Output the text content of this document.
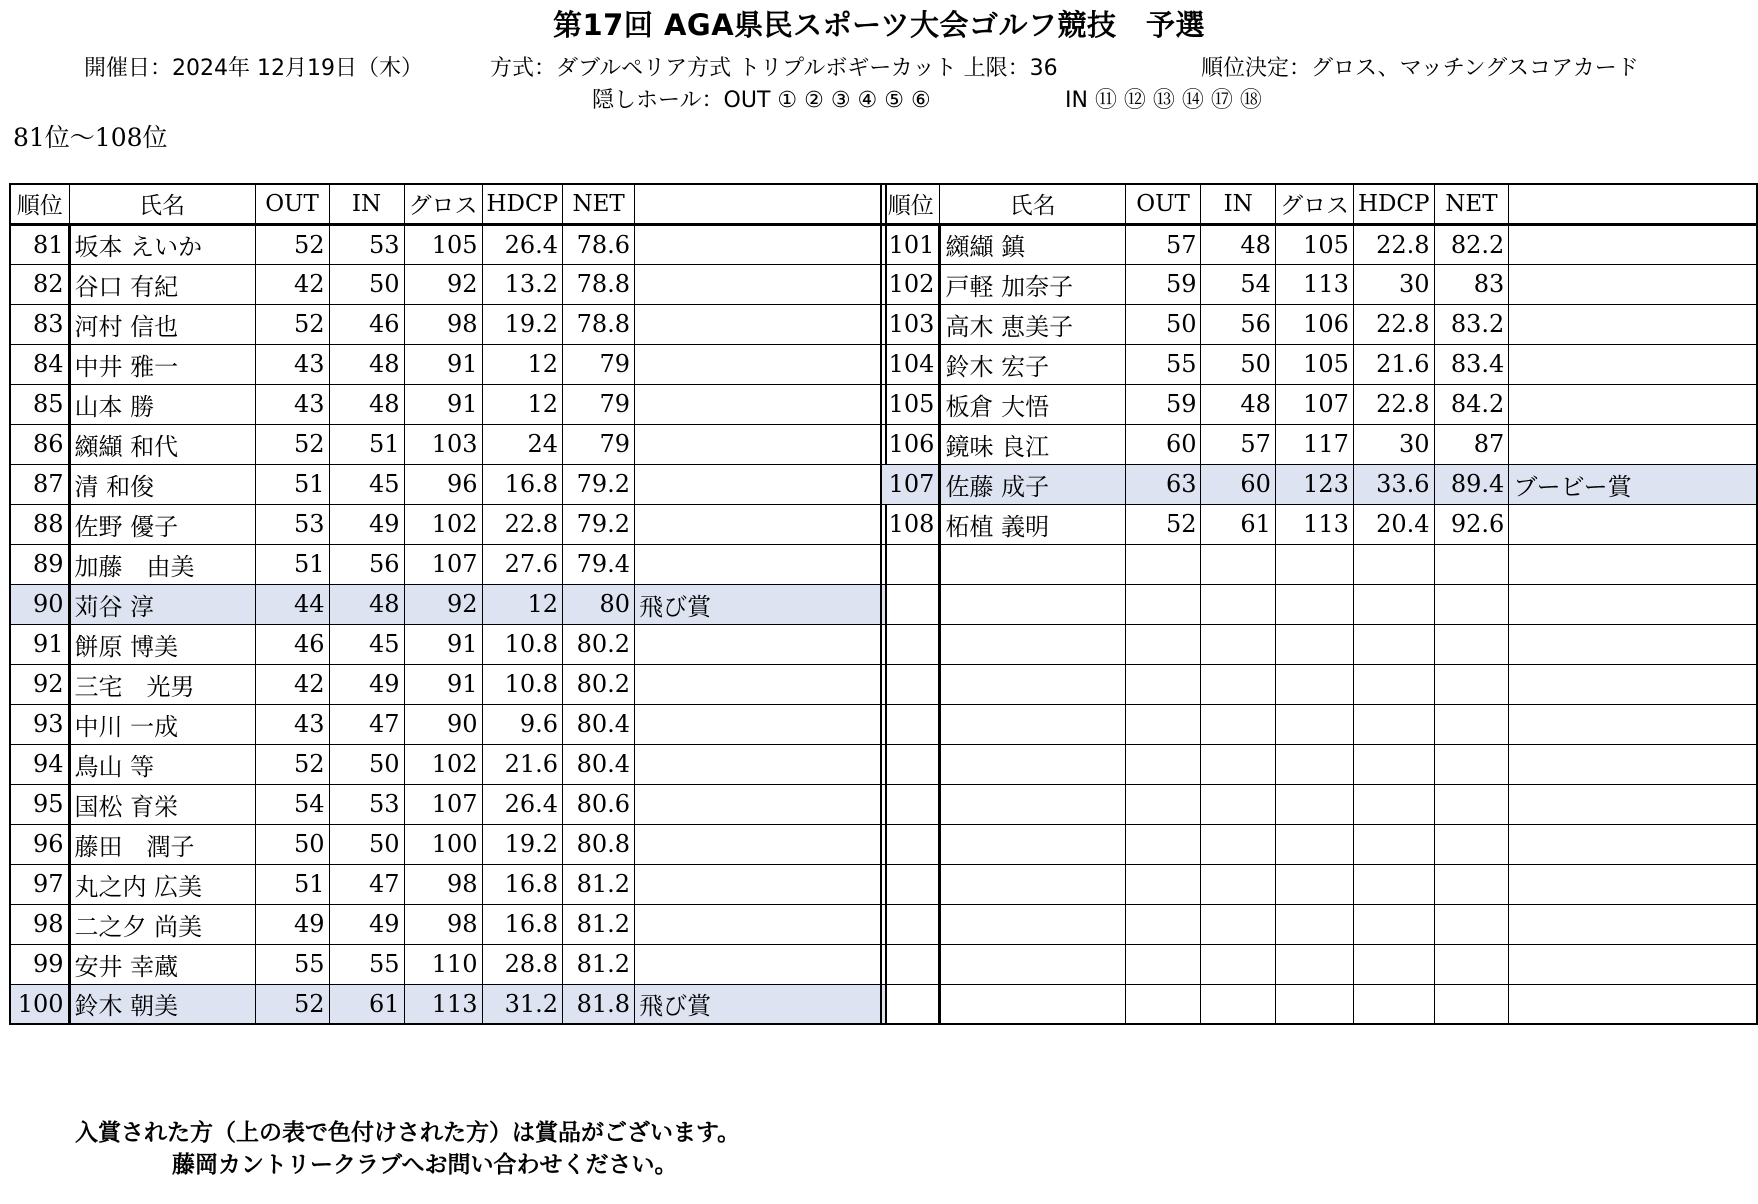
第17回 AGA県民スポーツ大会ゴルフ競技　予選
開催日：2024年 12月19日（木）	方式：ダブルペリア方式 トリプルボギーカット 上限：36	順位決定：グロス、マッチングスコアカード
隠しホール：OUT ① ② ③ ④ ⑤ ⑥	IN ⑪ ⑫ ⑬ ⑭ ⑰ ⑱
81位～108位
順位	氏名	OUT	IN	グロス	HDCP	NET	
81	坂本 えいか	52	53	105	26.4	78.6	
82	谷口 有紀	42	50	92	13.2	78.8	
83	河村 信也	52	46	98	19.2	78.8	
84	中井 雅一	43	48	91	12	79	
85	山本 勝	43	48	91	12	79	
86	纐纈 和代	52	51	103	24	79	
87	清 和俊	51	45	96	16.8	79.2	
88	佐野 優子	53	49	102	22.8	79.2	
89	加藤　由美	51	56	107	27.6	79.4	
90	苅谷 淳	44	48	92	12	80	飛び賞
91	餅原 博美	46	45	91	10.8	80.2	
92	三宅　光男	42	49	91	10.8	80.2	
93	中川 一成	43	47	90	9.6	80.4	
94	鳥山 等	52	50	102	21.6	80.4	
95	国松 育栄	54	53	107	26.4	80.6	
96	藤田　潤子	50	50	100	19.2	80.8	
97	丸之内 広美	51	47	98	16.8	81.2	
98	二之夕 尚美	49	49	98	16.8	81.2	
99	安井 幸蔵	55	55	110	28.8	81.2	
100	鈴木 朝美	52	61	113	31.2	81.8	飛び賞
順位	氏名	OUT	IN	グロス	HDCP	NET	
101	纐纈 鎮	57	48	105	22.8	82.2	
102	戸軽 加奈子	59	54	113	30	83	
103	高木 恵美子	50	56	106	22.8	83.2	
104	鈴木 宏子	55	50	105	21.6	83.4	
105	板倉 大悟	59	48	107	22.8	84.2	
106	鏡味 良江	60	57	117	30	87	
107	佐藤 成子	63	60	123	33.6	89.4	ブービー賞
108	柘植 義明	52	61	113	20.4	92.6	

入賞された方（上の表で色付けされた方）は賞品がございます。
藤岡カントリークラブへお問い合わせください。
